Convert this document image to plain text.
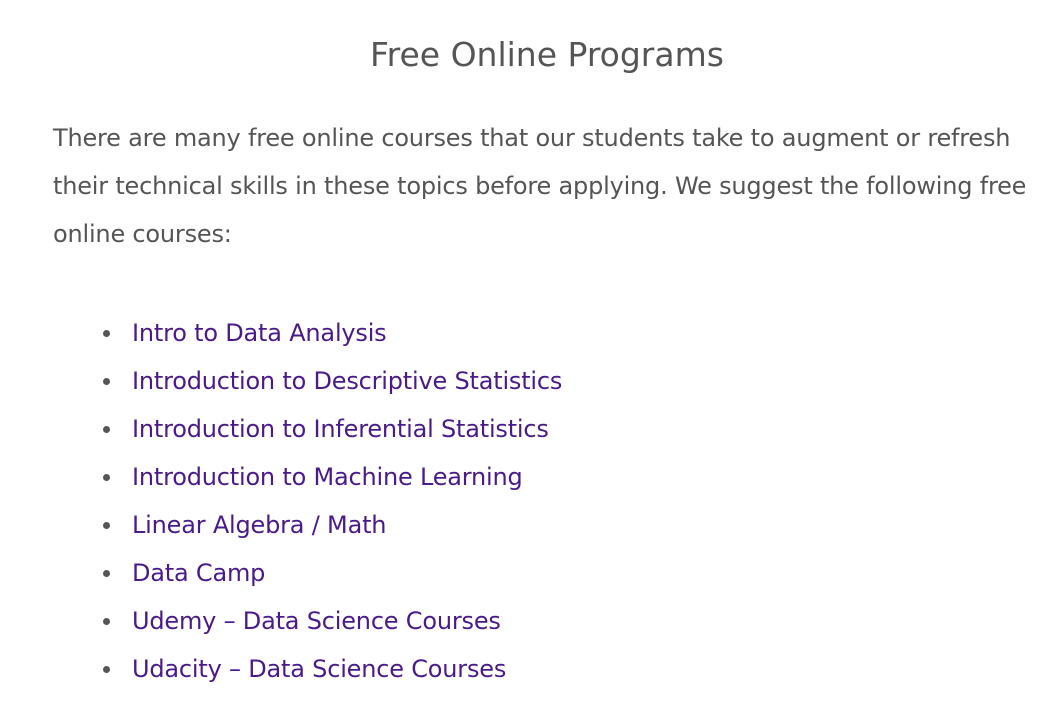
Free Online Programs

There are many free online courses that our students take to augment or refresh their technical skills in these topics before applying. We suggest the following free online courses:

Intro to Data Analysis
Introduction to Descriptive Statistics
Introduction to Inferential Statistics
Introduction to Machine Learning
Linear Algebra / Math
Data Camp
Udemy – Data Science Courses
Udacity – Data Science Courses
